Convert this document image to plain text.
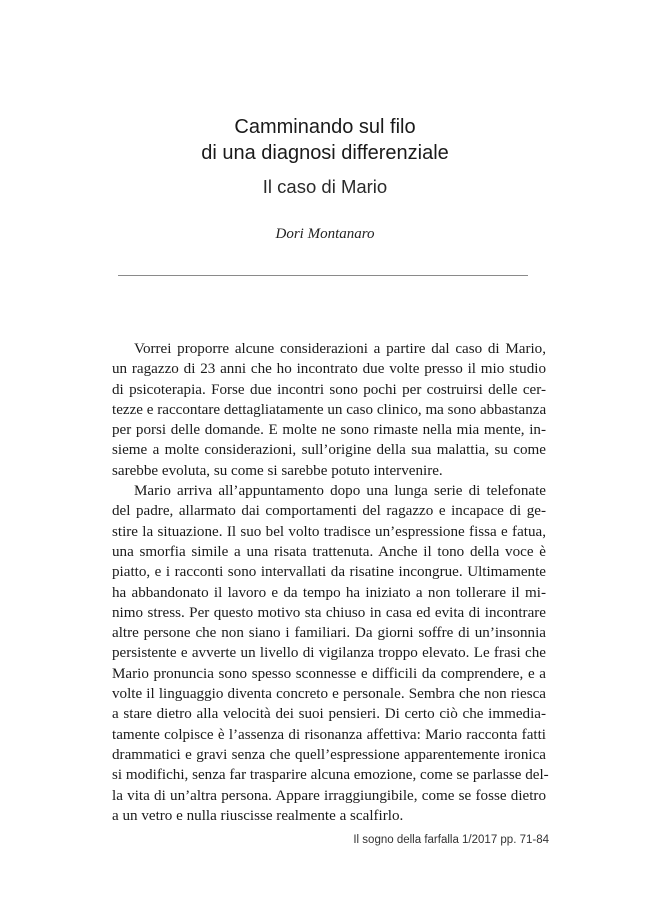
Camminando sul filo
di una diagnosi differenziale
Il caso di Mario
Dori Montanaro
Vorrei proporre alcune considerazioni a partire dal caso di Mario,
un ragazzo di 23 anni che ho incontrato due volte presso il mio studio
di psicoterapia. Forse due incontri sono pochi per costruirsi delle cer-
tezze e raccontare dettagliatamente un caso clinico, ma sono abbastanza
per porsi delle domande. E molte ne sono rimaste nella mia mente, in-
sieme a molte considerazioni, sull’origine della sua malattia, su come
sarebbe evoluta, su come si sarebbe potuto intervenire.
Mario arriva all’appuntamento dopo una lunga serie di telefonate
del padre, allarmato dai comportamenti del ragazzo e incapace di ge-
stire la situazione. Il suo bel volto tradisce un’espressione fissa e fatua,
una smorfia simile a una risata trattenuta. Anche il tono della voce è
piatto, e i racconti sono intervallati da risatine incongrue. Ultimamente
ha abbandonato il lavoro e da tempo ha iniziato a non tollerare il mi-
nimo stress. Per questo motivo sta chiuso in casa ed evita di incontrare
altre persone che non siano i familiari. Da giorni soffre di un’insonnia
persistente e avverte un livello di vigilanza troppo elevato. Le frasi che
Mario pronuncia sono spesso sconnesse e difficili da comprendere, e a
volte il linguaggio diventa concreto e personale. Sembra che non riesca
a stare dietro alla velocità dei suoi pensieri. Di certo ciò che immedia-
tamente colpisce è l’assenza di risonanza affettiva: Mario racconta fatti
drammatici e gravi senza che quell’espressione apparentemente ironica
si modifichi, senza far trasparire alcuna emozione, come se parlasse del-
la vita di un’altra persona. Appare irraggiungibile, come se fosse dietro
a un vetro e nulla riuscisse realmente a scalfirlo.
Il sogno della farfalla 1/2017 pp. 71-84
